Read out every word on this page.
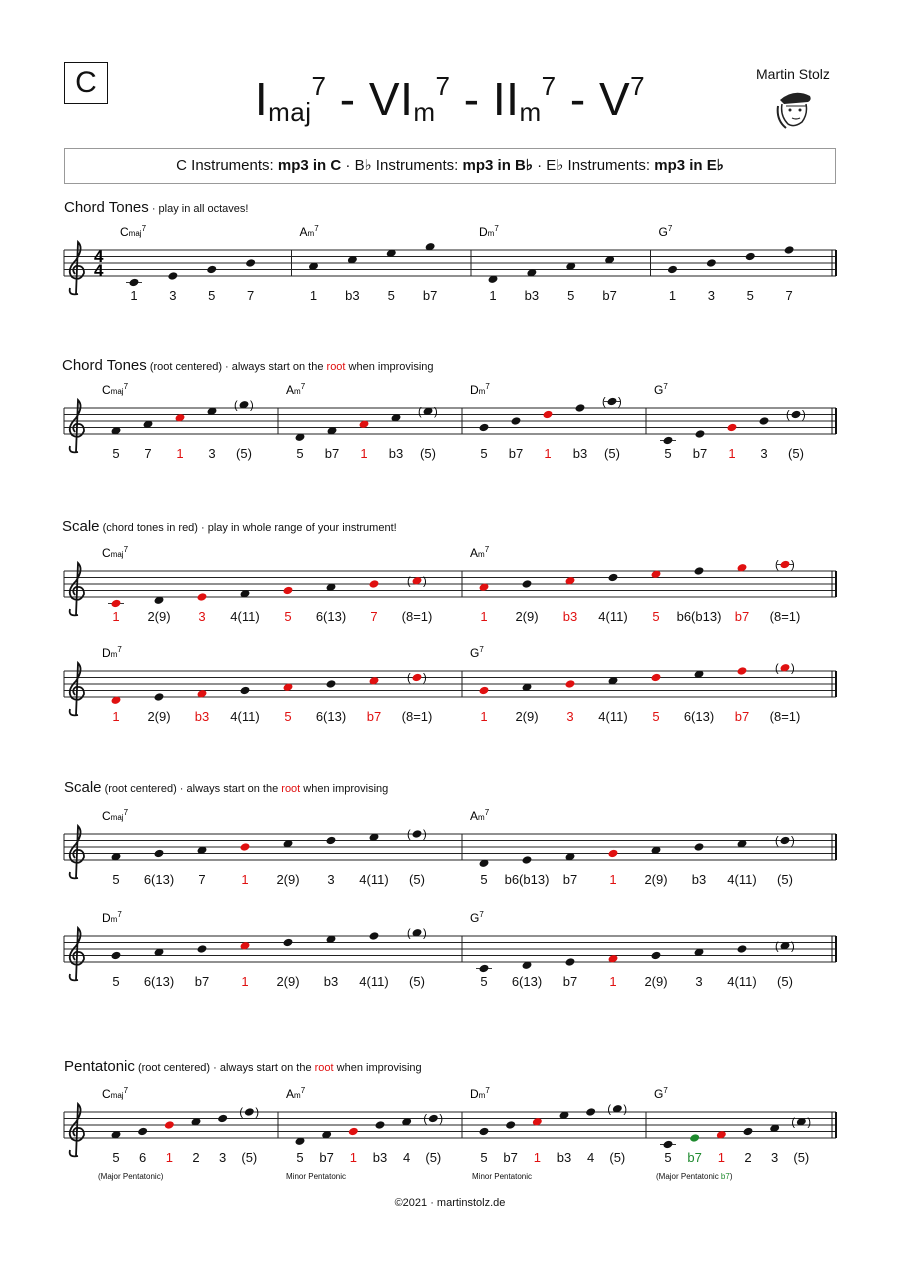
C	$I_{maj}^7 - VI_m^7 - II_m^7 - V^7$	Martin Stolz
C Instruments: mp3 in C · B♭ Instruments: mp3 in B♭ · E♭ Instruments: mp3 in E♭
Chord Tones · play in all octaves!
Chord Tones (root centered) · always start on the root when improvising
Scale (chord tones in red) · play in whole range of your instrument!
Scale (root centered) · always start on the root when improvising
Pentatonic (root centered) · always start on the root when improvising
4
4
Cmaj$^7$
1 3 5 7
Am$^7$
1 b3 5 b7
Dm$^7$
1 b3 5 b7
$G^7$
1 3 5 7
Cmaj$^7$
5 7 1 3
( )
(5)
Am$^7$
5 b7 1 b3
( )
(5)
Dm$^7$
5 b7 1 b3
( )
(5)
$G^7$
5 b7 1 3
( )
(5)
Cmaj$^7$
1 2(9) 3 4(11) 5 6(13) 7
( )
(8=1)
Am$^7$
1 2(9) b3 4(11) 5 b6(b13) b7
( )
(8=1)
Dm$^7$
1 2(9) b3 4(11) 5 6(13) b7
( )
(8=1)
$G^7$
1 2(9) 3 4(11) 5 6(13) b7
( )
(8=1)
Cmaj$^7$
5 6(13) 7	1 2(9) 3 4(11)
( )
(5)
Am$^7$
5 b6(b13) b7 1 2(9) b3 4(11)
( )
(5)
Dm$^7$
5 6(13) b7 1 2(9) b3 4(11)
( )
(5)
$G^7$
5 6(13) b7 1 2(9) 3 4(11)
( )
(5)
Cmaj$^7$
5 6 1 2 3
( )
(5)
Am$^7$
5 b7 1 b3 4
( )
(5)
Dm$^7$
5 b7 1 b3 4
( )
(5)
$G^7$
5 b7 1 2 3
( )
(5)
(Major Pentatonic)	Minor Pentatonic	Minor Pentatonic	(Major Pentatonic b7)
©2021 · martinstolz.de
